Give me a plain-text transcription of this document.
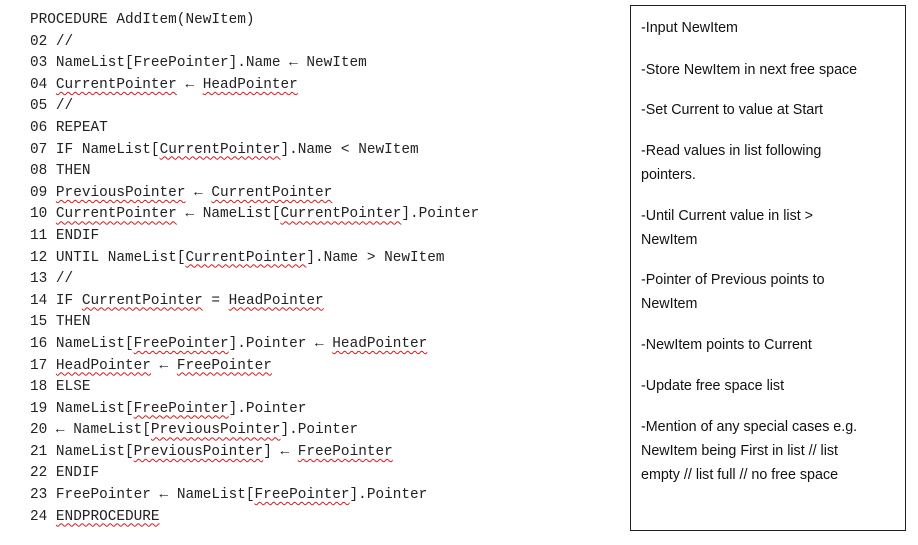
PROCEDURE AddItem(NewItem)
02 //
03 NameList[FreePointer].Name ← NewItem
04 CurrentPointer ← HeadPointer
05 //
06 REPEAT
07 IF NameList[CurrentPointer].Name < NewItem
08 THEN
09 PreviousPointer ← CurrentPointer
10 CurrentPointer ← NameList[CurrentPointer].Pointer
11 ENDIF
12 UNTIL NameList[CurrentPointer].Name > NewItem
13 //
14 IF CurrentPointer = HeadPointer
15 THEN
16 NameList[FreePointer].Pointer ← HeadPointer
17 HeadPointer ← FreePointer
18 ELSE
19 NameList[FreePointer].Pointer
20 ← NameList[PreviousPointer].Pointer
21 NameList[PreviousPointer] ← FreePointer
22 ENDIF
23 FreePointer ← NameList[FreePointer].Pointer
24 ENDPROCEDURE
-Input NewItem
-Store NewItem in next free space
-Set Current to value at Start
-Read values in list following
pointers.
-Until Current value in list >
NewItem
-Pointer of Previous points to
NewItem
-NewItem points to Current
-Update free space list
-Mention of any special cases e.g.
NewItem being First in list // list
empty // list full // no free space
